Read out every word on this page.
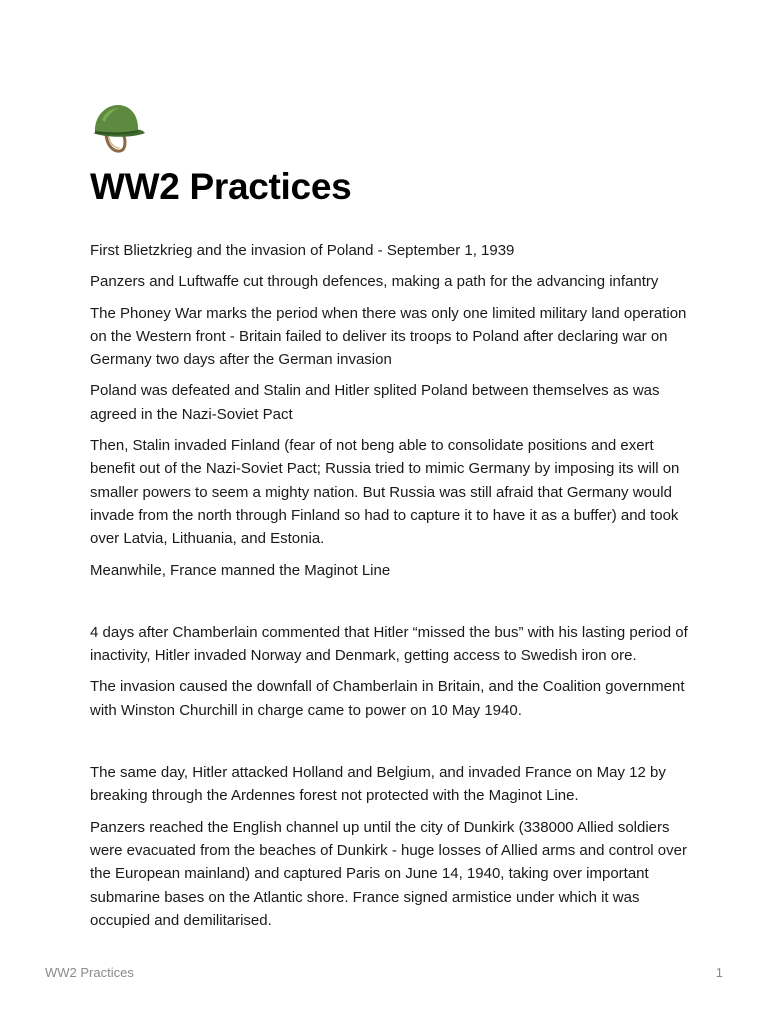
WW2 Practices

First Blietzkrieg and the invasion of Poland - September 1, 1939

Panzers and Luftwaffe cut through defences, making a path for the advancing infantry

The Phoney War marks the period when there was only one limited military land operation on the Western front - Britain failed to deliver its troops to Poland after declaring war on Germany two days after the German invasion

Poland was defeated and Stalin and Hitler splited Poland between themselves as was agreed in the Nazi-Soviet Pact

Then, Stalin invaded Finland (fear of not beng able to consolidate positions and exert benefit out of the Nazi-Soviet Pact; Russia tried to mimic Germany by imposing its will on smaller powers to seem a mighty nation. But Russia was still afraid that Germany would invade from the north through Finland so had to capture it to have it as a buffer) and took over Latvia, Lithuania, and Estonia.

Meanwhile, France manned the Maginot Line

4 days after Chamberlain commented that Hitler “missed the bus” with his lasting period of inactivity, Hitler invaded Norway and Denmark, getting access to Swedish iron ore.

The invasion caused the downfall of Chamberlain in Britain, and the Coalition government with Winston Churchill in charge came to power on 10 May 1940.

The same day, Hitler attacked Holland and Belgium, and invaded France on May 12 by breaking through the Ardennes forest not protected with the Maginot Line.

Panzers reached the English channel up until the city of Dunkirk (338000 Allied soldiers were evacuated from the beaches of Dunkirk - huge losses of Allied arms and control over the European mainland) and captured Paris on June 14, 1940, taking over important submarine bases on the Atlantic shore. France signed armistice under which it was occupied and demilitarised.

WW2 Practices	1
